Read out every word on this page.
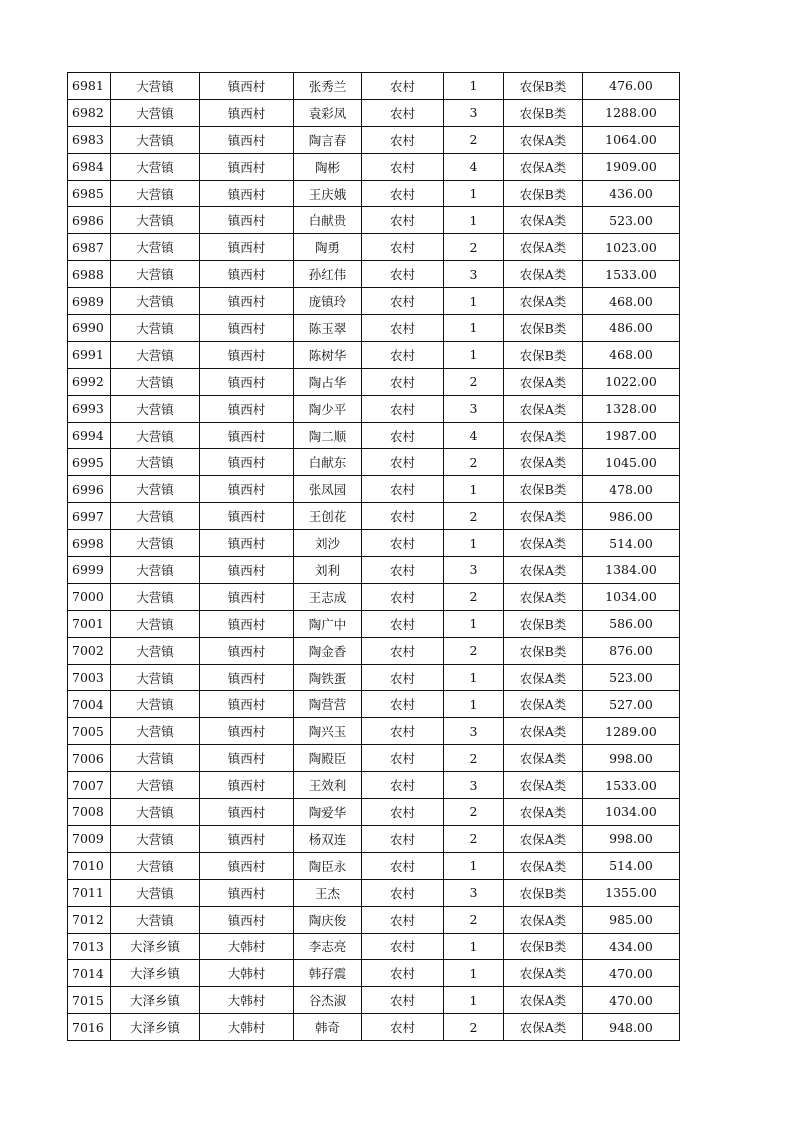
6981	大营镇	镇西村	张秀兰	农村	1	农保B类	476.00
6982	大营镇	镇西村	袁彩凤	农村	3	农保B类	1288.00
6983	大营镇	镇西村	陶言春	农村	2	农保A类	1064.00
6984	大营镇	镇西村	陶彬	农村	4	农保A类	1909.00
6985	大营镇	镇西村	王庆娥	农村	1	农保B类	436.00
6986	大营镇	镇西村	白献贵	农村	1	农保A类	523.00
6987	大营镇	镇西村	陶勇	农村	2	农保A类	1023.00
6988	大营镇	镇西村	孙红伟	农村	3	农保A类	1533.00
6989	大营镇	镇西村	庞镇玲	农村	1	农保A类	468.00
6990	大营镇	镇西村	陈玉翠	农村	1	农保B类	486.00
6991	大营镇	镇西村	陈树华	农村	1	农保B类	468.00
6992	大营镇	镇西村	陶占华	农村	2	农保A类	1022.00
6993	大营镇	镇西村	陶少平	农村	3	农保A类	1328.00
6994	大营镇	镇西村	陶二顺	农村	4	农保A类	1987.00
6995	大营镇	镇西村	白献东	农村	2	农保A类	1045.00
6996	大营镇	镇西村	张凤园	农村	1	农保B类	478.00
6997	大营镇	镇西村	王创花	农村	2	农保A类	986.00
6998	大营镇	镇西村	刘沙	农村	1	农保A类	514.00
6999	大营镇	镇西村	刘利	农村	3	农保A类	1384.00
7000	大营镇	镇西村	王志成	农村	2	农保A类	1034.00
7001	大营镇	镇西村	陶广中	农村	1	农保B类	586.00
7002	大营镇	镇西村	陶金香	农村	2	农保B类	876.00
7003	大营镇	镇西村	陶铁蛋	农村	1	农保A类	523.00
7004	大营镇	镇西村	陶营营	农村	1	农保A类	527.00
7005	大营镇	镇西村	陶兴玉	农村	3	农保A类	1289.00
7006	大营镇	镇西村	陶殿臣	农村	2	农保A类	998.00
7007	大营镇	镇西村	王效利	农村	3	农保A类	1533.00
7008	大营镇	镇西村	陶爱华	农村	2	农保A类	1034.00
7009	大营镇	镇西村	杨双连	农村	2	农保A类	998.00
7010	大营镇	镇西村	陶臣永	农村	1	农保A类	514.00
7011	大营镇	镇西村	王杰	农村	3	农保B类	1355.00
7012	大营镇	镇西村	陶庆俊	农村	2	农保A类	985.00
7013	大泽乡镇	大韩村	李志亮	农村	1	农保B类	434.00
7014	大泽乡镇	大韩村	韩孖震	农村	1	农保A类	470.00
7015	大泽乡镇	大韩村	谷杰淑	农村	1	农保A类	470.00
7016	大泽乡镇	大韩村	韩奇	农村	2	农保A类	948.00
